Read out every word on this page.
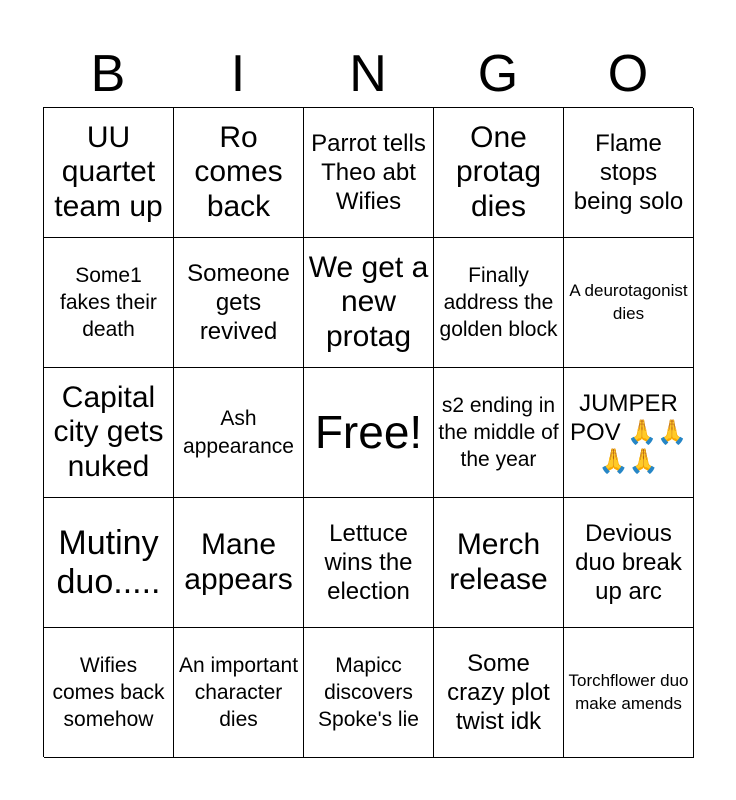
B	I	N	G	O
UU quartet team up
Ro comes back
Parrot tells Theo abt Wifies
One protag dies
Flame stops being solo
Some1 fakes their death
Someone gets revived
We get a new protag
Finally address the golden block
A deurotagonist dies
Capital city gets nuked
Ash appearance Free!
s2 ending in the middle of the year
JUMPER POV 🙏🙏🙏🙏
Mutiny duo.....
Mane appears
Lettuce wins the election
Merch release
Devious duo break up arc
Wifies comes back somehow
An important character dies
Mapicc discovers Spoke's lie
Some crazy plot twist idk
Torchflower duo make amends
